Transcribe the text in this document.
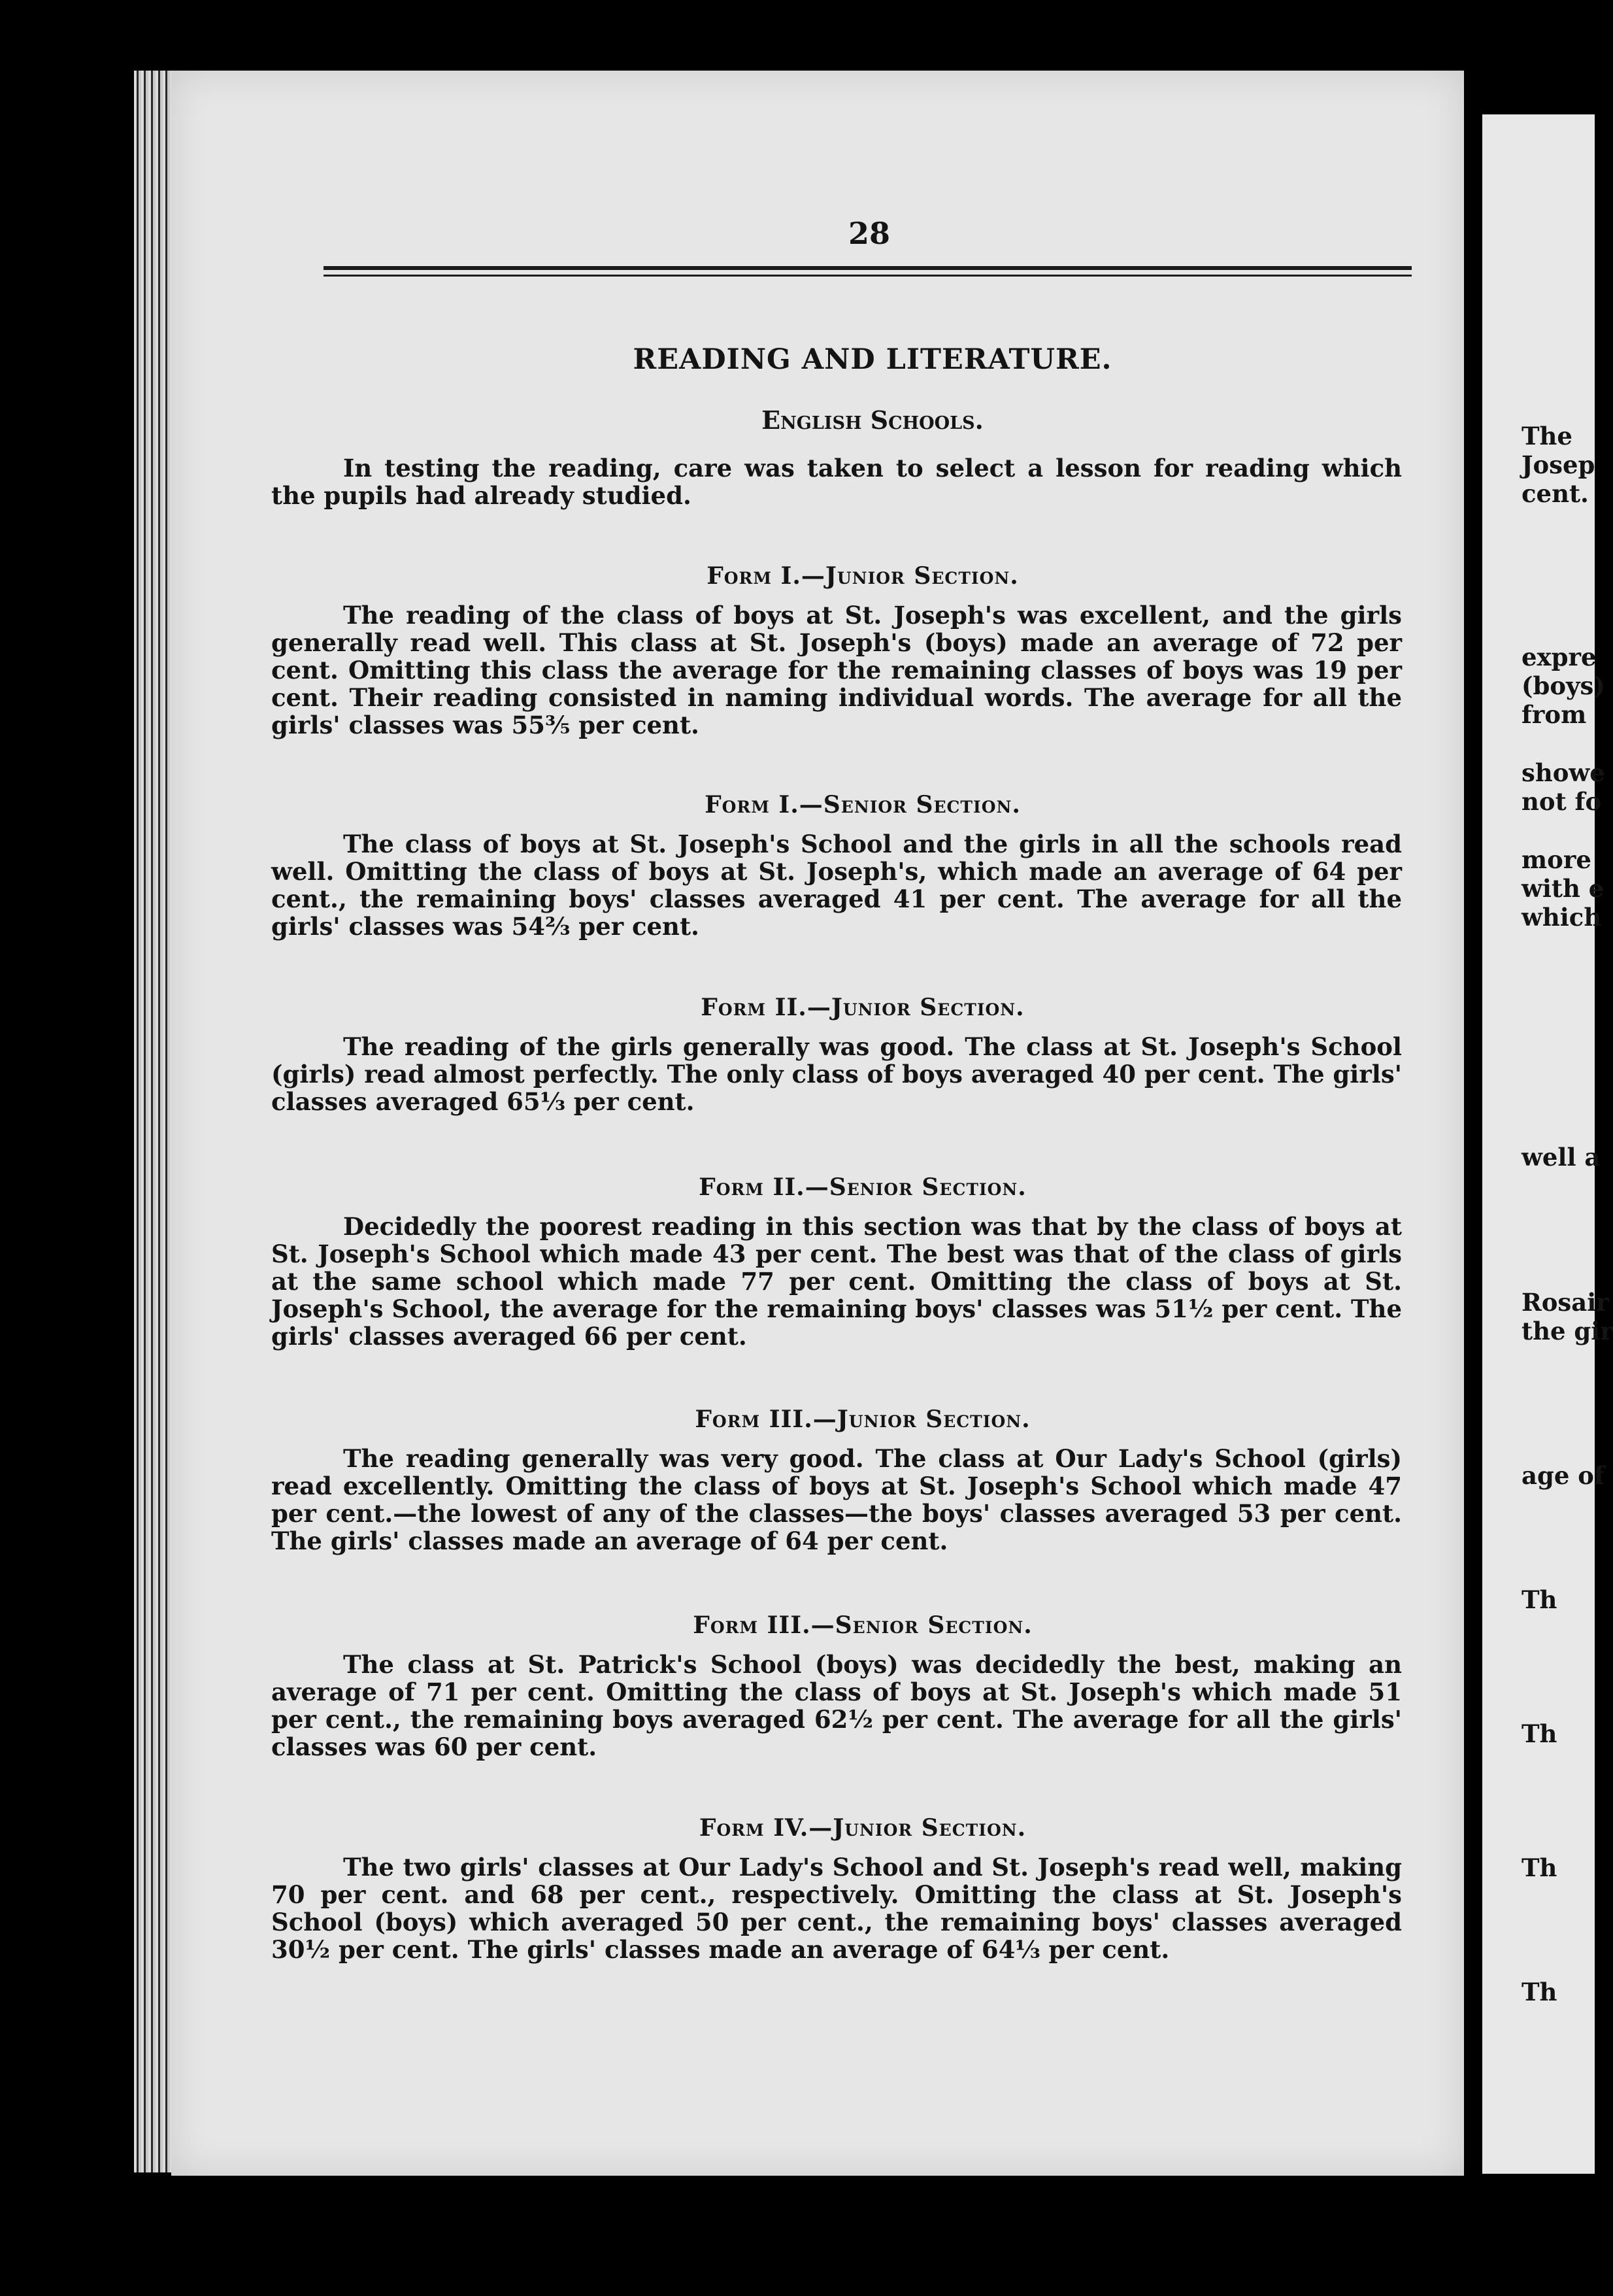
The
Josep
cent.
expre
(boys)
from
showe
not fo
more
with e
which
well a
Rosair
the gir
age of
Th
Th
Th
Th
28
READING AND LITERATURE.
English Schools.
In testing the reading, care was taken to select a lesson for reading which the pupils had already studied.
Form I.—Junior Section.
The reading of the class of boys at St. Joseph's was excellent, and the girls generally read well. This class at St. Joseph's (boys) made an average of 72 per cent. Omitting this class the average for the remaining classes of boys was 19 per cent. Their reading consisted in naming individual words. The average for all the girls' classes was 55⅗ per cent.
Form I.—Senior Section.
The class of boys at St. Joseph's School and the girls in all the schools read well. Omitting the class of boys at St. Joseph's, which made an average of 64 per cent., the remaining boys' classes averaged 41 per cent. The average for all the girls' classes was 54⅔ per cent.
Form II.—Junior Section.
The reading of the girls generally was good. The class at St. Joseph's School (girls) read almost perfectly. The only class of boys averaged 40 per cent. The girls' classes averaged 65⅓ per cent.
Form II.—Senior Section.
Decidedly the poorest reading in this section was that by the class of boys at St. Joseph's School which made 43 per cent. The best was that of the class of girls at the same school which made 77 per cent. Omitting the class of boys at St. Joseph's School, the average for the remaining boys' classes was 51½ per cent. The girls' classes averaged 66 per cent.
Form III.—Junior Section.
The reading generally was very good. The class at Our Lady's School (girls) read excellently. Omitting the class of boys at St. Joseph's School which made 47 per cent.—the lowest of any of the classes—the boys' classes averaged 53 per cent. The girls' classes made an average of 64 per cent.
Form III.—Senior Section.
The class at St. Patrick's School (boys) was decidedly the best, making an average of 71 per cent. Omitting the class of boys at St. Joseph's which made 51 per cent., the remaining boys averaged 62½ per cent. The average for all the girls' classes was 60 per cent.
Form IV.—Junior Section.
The two girls' classes at Our Lady's School and St. Joseph's read well, making 70 per cent. and 68 per cent., respectively. Omitting the class at St. Joseph's School (boys) which averaged 50 per cent., the remaining boys' classes averaged 30½ per cent. The girls' classes made an average of 64⅓ per cent.
